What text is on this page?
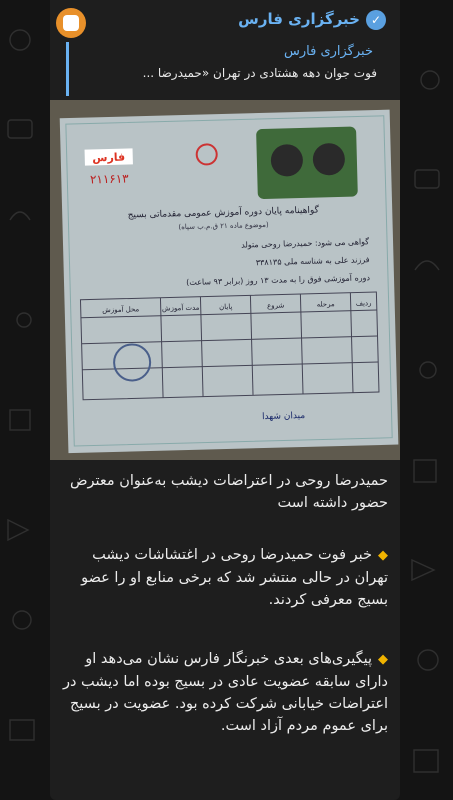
خبرگزاری فارس ✓
خبرگزاری فارس
فوت جوان دهه هشتادی در تهران «حمیدرضا ...
فارس
۲۱۱۶۱۳
گواهینامه پایان دوره آموزش عمومی مقدماتی بسیج
(موضوع ماده ۲۱ ق.م.ب سپاه)
گواهی می شود: حمیدرضا روحی متولد
فرزند علی به شناسه ملی ۳۳۸۱۳۵
دوره آموزشی فوق را به مدت ۱۳ روز (برابر ۹۳ ساعت)
ردیف
مرحله
شروع
پایان
مدت آموزش
محل آموزش
میدان شهدا
حمیدرضا روحی در اعتراضات دیشب به‌عنوان معترض حضور داشته است
◆خبر فوت حمیدرضا روحی در اغتشاشات دیشب تهران در حالی منتشر شد که برخی منابع او را عضو بسیج معرفی کردند.
◆پیگیری‌های بعدی خبرنگار فارس نشان می‌دهد او دارای سابقه عضویت عادی در بسیج بوده اما دیشب در اعتراضات خیابانی شرکت کرده بود. عضویت در بسیج برای عموم مردم آزاد است.
